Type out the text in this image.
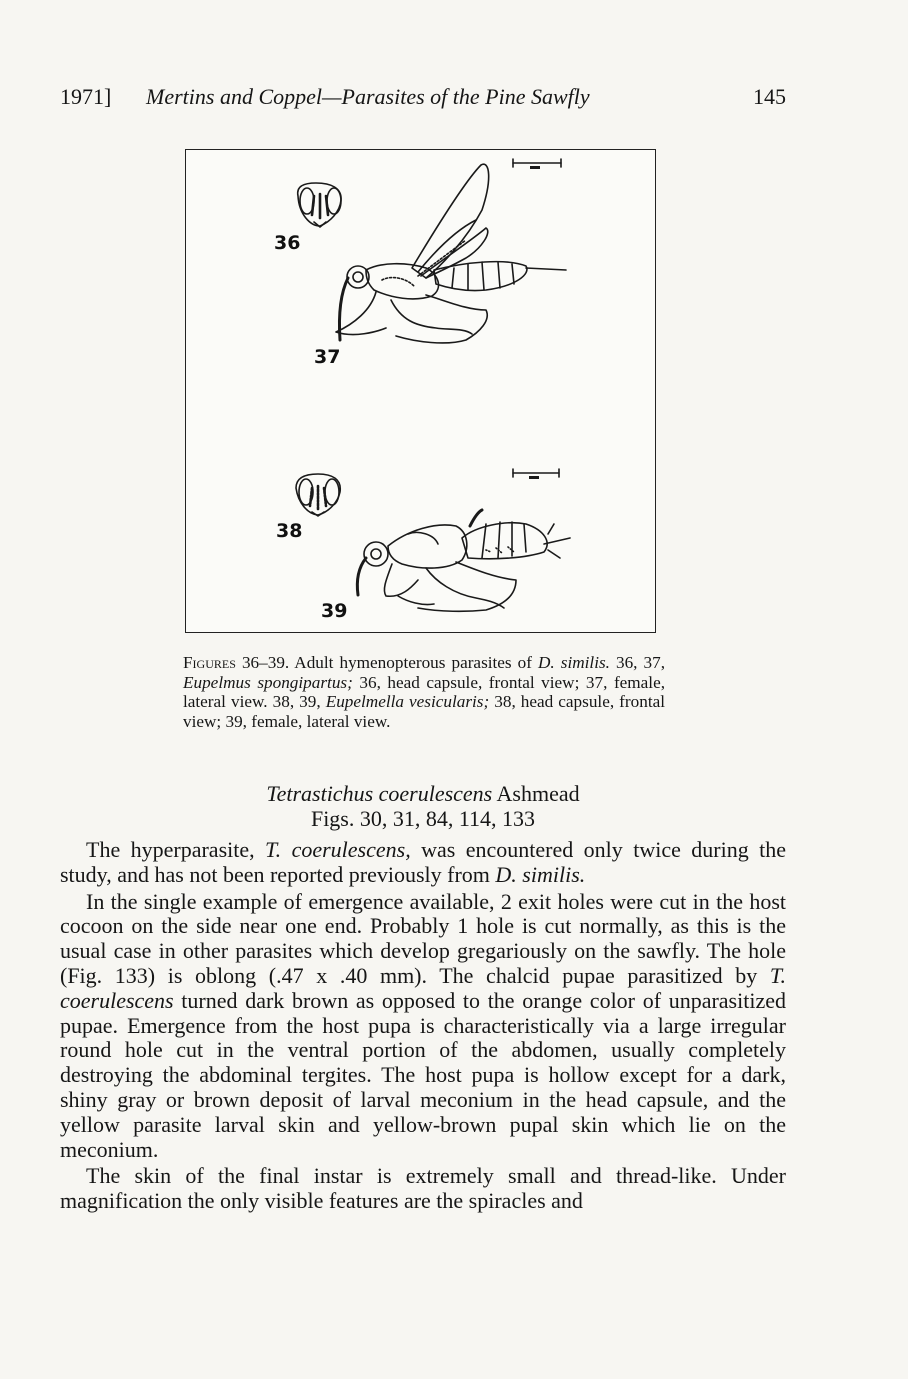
1971] Mertins and Coppel—Parasites of the Pine Sawfly	145
36
37
38
39
Figures 36–39. Adult hymenopterous parasites of D. similis. 36, 37, Eupelmus spongipartus; 36, head capsule, frontal view; 37, female, lateral view. 38, 39, Eupelmella vesicularis; 38, head capsule, frontal view; 39, female, lateral view.
Tetrastichus coerulescens Ashmead
Figs. 30, 31, 84, 114, 133

The hyperparasite, T. coerulescens, was encountered only twice during the study, and has not been reported previously from D. similis.

In the single example of emergence available, 2 exit holes were cut in the host cocoon on the side near one end. Probably 1 hole is cut normally, as this is the usual case in other parasites which develop gregariously on the sawfly. The hole (Fig. 133) is oblong (.47 x .40 mm). The chalcid pupae parasitized by T. coerulescens turned dark brown as opposed to the orange color of unparasitized pupae. Emergence from the host pupa is characteristically via a large irregular round hole cut in the ventral portion of the abdomen, usually completely destroying the abdominal tergites. The host pupa is hollow except for a dark, shiny gray or brown deposit of larval meconium in the head capsule, and the yellow parasite larval skin and yellow-brown pupal skin which lie on the meconium.

The skin of the final instar is extremely small and thread-like. Under magnification the only visible features are the spiracles and
